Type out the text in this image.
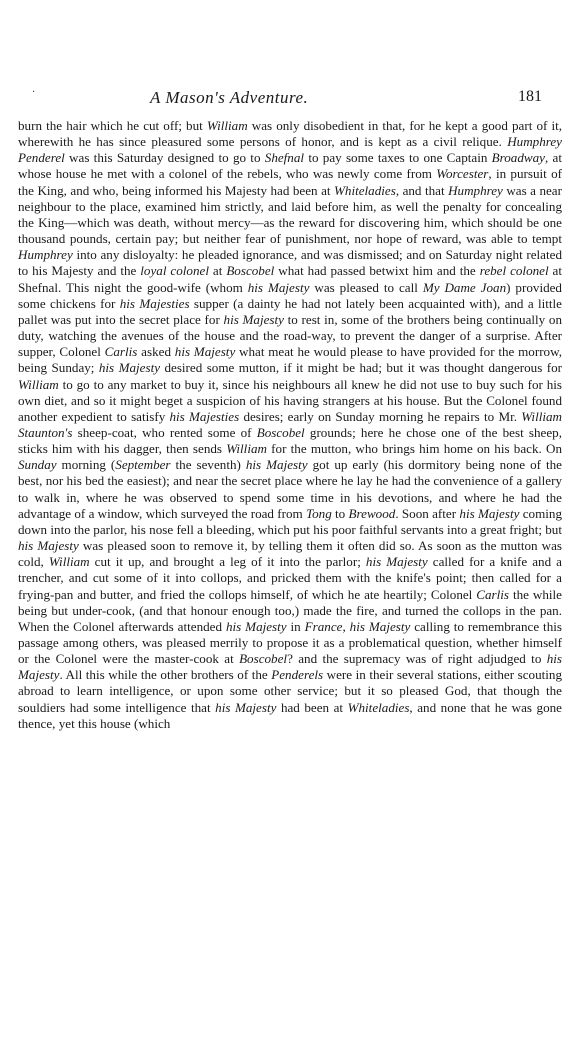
.	A Mason's Adventure.	181

burn the hair which he cut off; but William was only disobedient in that, for he kept a good part of it, wherewith he has since pleasured some persons of honor, and is kept as a civil relique. Humphrey Penderel was this Saturday designed to go to Shefnal to pay some taxes to one Captain Broadway, at whose house he met with a colonel of the rebels, who was newly come from Worcester, in pursuit of the King, and who, being informed his Majesty had been at Whiteladies, and that Humphrey was a near neighbour to the place, examined him strictly, and laid before him, as well the penalty for concealing the King—which was death, without mercy—as the reward for discovering him, which should be one thousand pounds, certain pay; but neither fear of punishment, nor hope of reward, was able to tempt Humphrey into any disloyalty: he pleaded ignorance, and was dismissed; and on Saturday night related to his Majesty and the loyal colonel at Boscobel what had passed betwixt him and the rebel colonel at Shefnal. This night the good-wife (whom his Majesty was pleased to call My Dame Joan) provided some chickens for his Majesties supper (a dainty he had not lately been acquainted with), and a little pallet was put into the secret place for his Majesty to rest in, some of the brothers being continually on duty, watching the avenues of the house and the road-way, to prevent the danger of a surprise. After supper, Colonel Carlis asked his Majesty what meat he would please to have provided for the morrow, being Sunday; his Majesty desired some mutton, if it might be had; but it was thought dangerous for William to go to any market to buy it, since his neighbours all knew he did not use to buy such for his own diet, and so it might beget a suspicion of his having strangers at his house. But the Colonel found another expedient to satisfy his Majesties desires; early on Sunday morning he repairs to Mr. William Staunton's sheep-coat, who rented some of Boscobel grounds; here he chose one of the best sheep, sticks him with his dagger, then sends William for the mutton, who brings him home on his back. On Sunday morning (September the seventh) his Majesty got up early (his dormitory being none of the best, nor his bed the easiest); and near the secret place where he lay he had the convenience of a gallery to walk in, where he was observed to spend some time in his devotions, and where he had the advantage of a window, which surveyed the road from Tong to Brewood. Soon after his Majesty coming down into the parlor, his nose fell a bleeding, which put his poor faithful servants into a great fright; but his Majesty was pleased soon to remove it, by telling them it often did so. As soon as the mutton was cold, William cut it up, and brought a leg of it into the parlor; his Majesty called for a knife and a trencher, and cut some of it into collops, and pricked them with the knife's point; then called for a frying-pan and butter, and fried the collops himself, of which he ate heartily; Colonel Carlis the while being but under-cook, (and that honour enough too,) made the fire, and turned the collops in the pan. When the Colonel afterwards attended his Majesty in France, his Majesty calling to remembrance this passage among others, was pleased merrily to propose it as a problematical question, whether himself or the Colonel were the master-cook at Boscobel? and the supremacy was of right adjudged to his Majesty. All this while the other brothers of the Penderels were in their several stations, either scouting abroad to learn intelligence, or upon some other service; but it so pleased God, that though the souldiers had some intelligence that his Majesty had been at Whiteladies, and none that he was gone thence, yet this house (which
